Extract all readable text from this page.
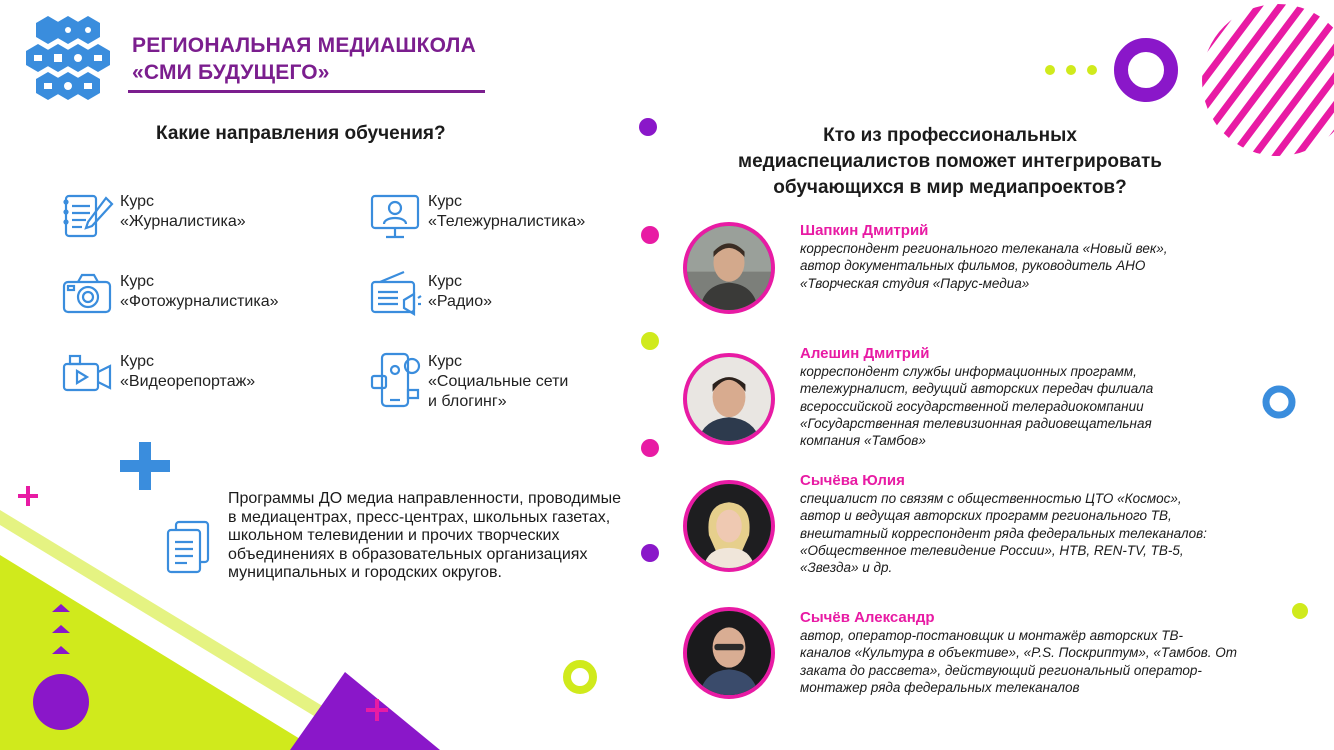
РЕГИОНАЛЬНАЯ МЕДИАШКОЛА
«СМИ БУДУЩЕГО»
Какие направления обучения?
Курс
«Журналистика»
Курс
«Тележурналистика»
Курс
«Фотожурналистика»
Курс
«Радио»
Курс
«Видеорепортаж»
Курс
«Социальные сети
и блогинг»
Программы ДО медиа направленности, проводимые в медиацентрах, пресс-центрах, школьных газетах, школьном телевидении и прочих творческих объединениях в образовательных организациях муниципальных и городских округов.
Кто из профессиональных
медиаспециалистов поможет интегрировать
обучающихся в мир медиапроектов?
Шапкин Дмитрий
корреспондент регионального телеканала «Новый век»,
автор документальных фильмов, руководитель АНО
«Творческая студия «Парус-медиа»
Алешин Дмитрий
корреспондент службы информационных программ,
тележурналист, ведущий авторских передач филиала
всероссийской государственной телерадиокомпании
«Государственная телевизионная радиовещательная
компания «Тамбов»
Сычёва Юлия
специалист по связям с общественностью ЦТО «Космос»,
автор и ведущая авторских программ регионального ТВ,
внештатный корреспондент ряда федеральных телеканалов:
«Общественное телевидение России», НТВ, REN-TV, ТВ-5,
«Звезда» и др.
Сычёв Александр
автор, оператор-постановщик и монтажёр авторских ТВ-
каналов «Культура в объективе», «P.S. Поскриптум», «Тамбов. От
заката до рассвета», действующий региональный оператор-
монтажер ряда федеральных телеканалов
